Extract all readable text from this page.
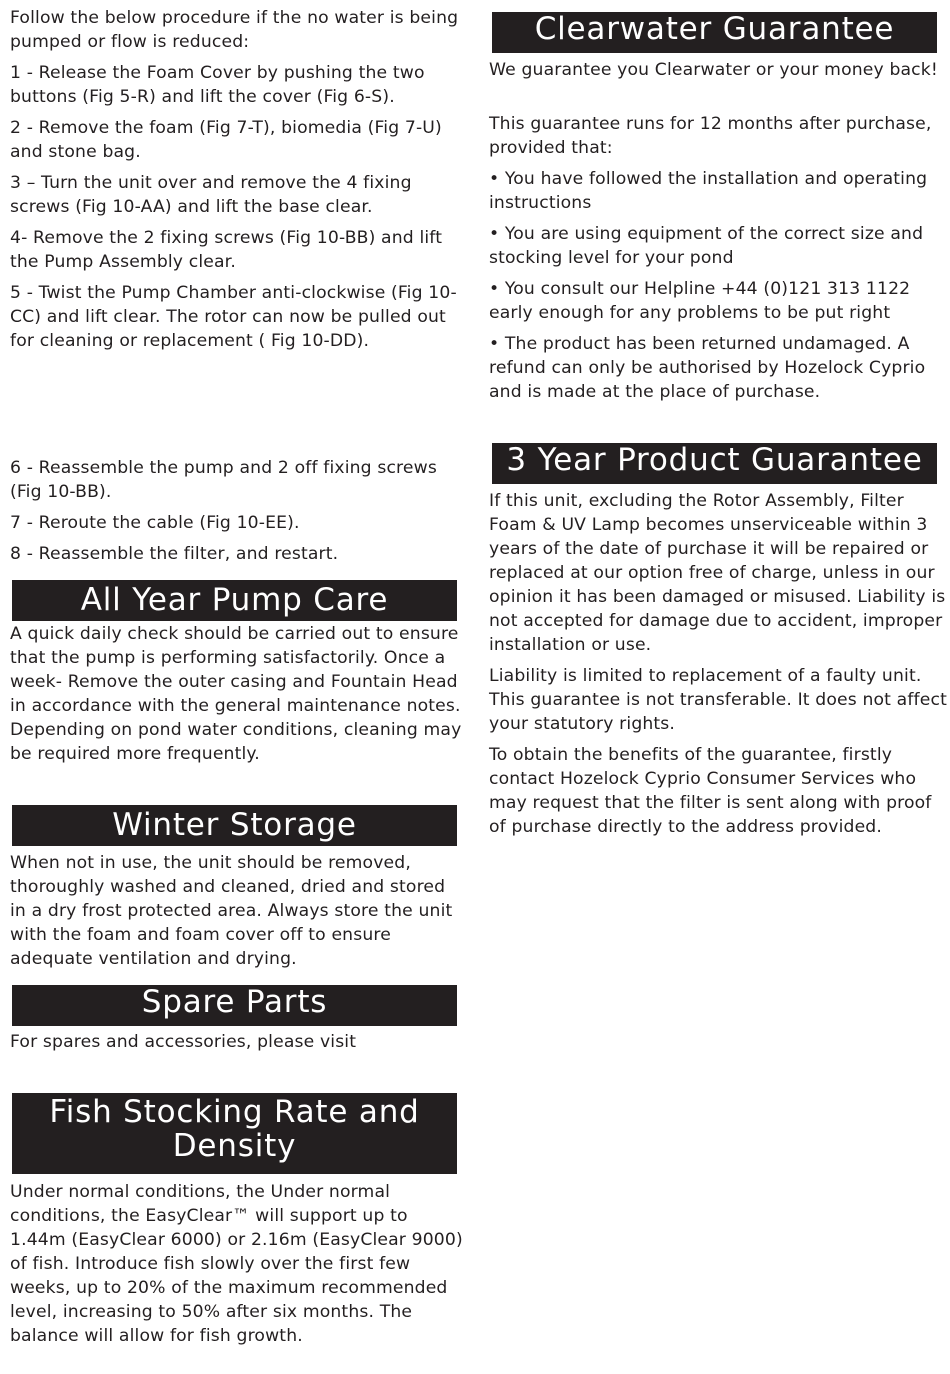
Follow the below procedure if the no water is being pumped or flow is reduced:

1 - Release the Foam Cover by pushing the two buttons (Fig 5-R) and lift the cover (Fig 6-S).

2 - Remove the foam (Fig 7-T), biomedia (Fig 7-U) and stone bag.

3 – Turn the unit over and remove the 4 fixing screws (Fig 10-AA) and lift the base clear.

4- Remove the 2 fixing screws (Fig 10-BB) and lift the Pump Assembly clear.

5 - Twist the Pump Chamber anti-clockwise (Fig 10-CC) and lift clear. The rotor can now be pulled out for cleaning or replacement ( Fig 10-DD).

6 - Reassemble the pump and 2 off fixing screws (Fig 10-BB).

7 - Reroute the cable (Fig 10-EE).

8 - Reassemble the filter, and restart.

All Year Pump Care

A quick daily check should be carried out to ensure that the pump is performing satisfactorily. Once a week- Remove the outer casing and Fountain Head in accordance with the general maintenance notes. Depending on pond water conditions, cleaning may be required more frequently.

Winter Storage

When not in use, the unit should be removed, thoroughly washed and cleaned, dried and stored in a dry frost protected area. Always store the unit with the foam and foam cover off to ensure adequate ventilation and drying.

Spare Parts

For spares and accessories, please visit

Fish Stocking Rate and
Density

Under normal conditions, the Under normal conditions, the EasyClear™ will support up to 1.44m (EasyClear 6000) or 2.16m (EasyClear 9000) of fish. Introduce fish slowly over the first few weeks, up to 20% of the maximum recommended level, increasing to 50% after six months. The balance will allow for fish growth.

Clearwater Guarantee

We guarantee you Clearwater or your money back!

This guarantee runs for 12 months after purchase, provided that:

• You have followed the installation and operating instructions

• You are using equipment of the correct size and stocking level for your pond

• You consult our Helpline +44 (0)121 313 1122 early enough for any problems to be put right

• The product has been returned undamaged. A refund can only be authorised by Hozelock Cyprio and is made at the place of purchase.

3 Year Product Guarantee

If this unit, excluding the Rotor Assembly, Filter Foam & UV Lamp becomes unserviceable within 3 years of the date of purchase it will be repaired or replaced at our option free of charge, unless in our opinion it has been damaged or misused. Liability is not accepted for damage due to accident, improper installation or use.

Liability is limited to replacement of a faulty unit. This guarantee is not transferable. It does not affect your statutory rights.

To obtain the benefits of the guarantee, firstly contact Hozelock Cyprio Consumer Services who may request that the filter is sent along with proof of purchase directly to the address provided.
